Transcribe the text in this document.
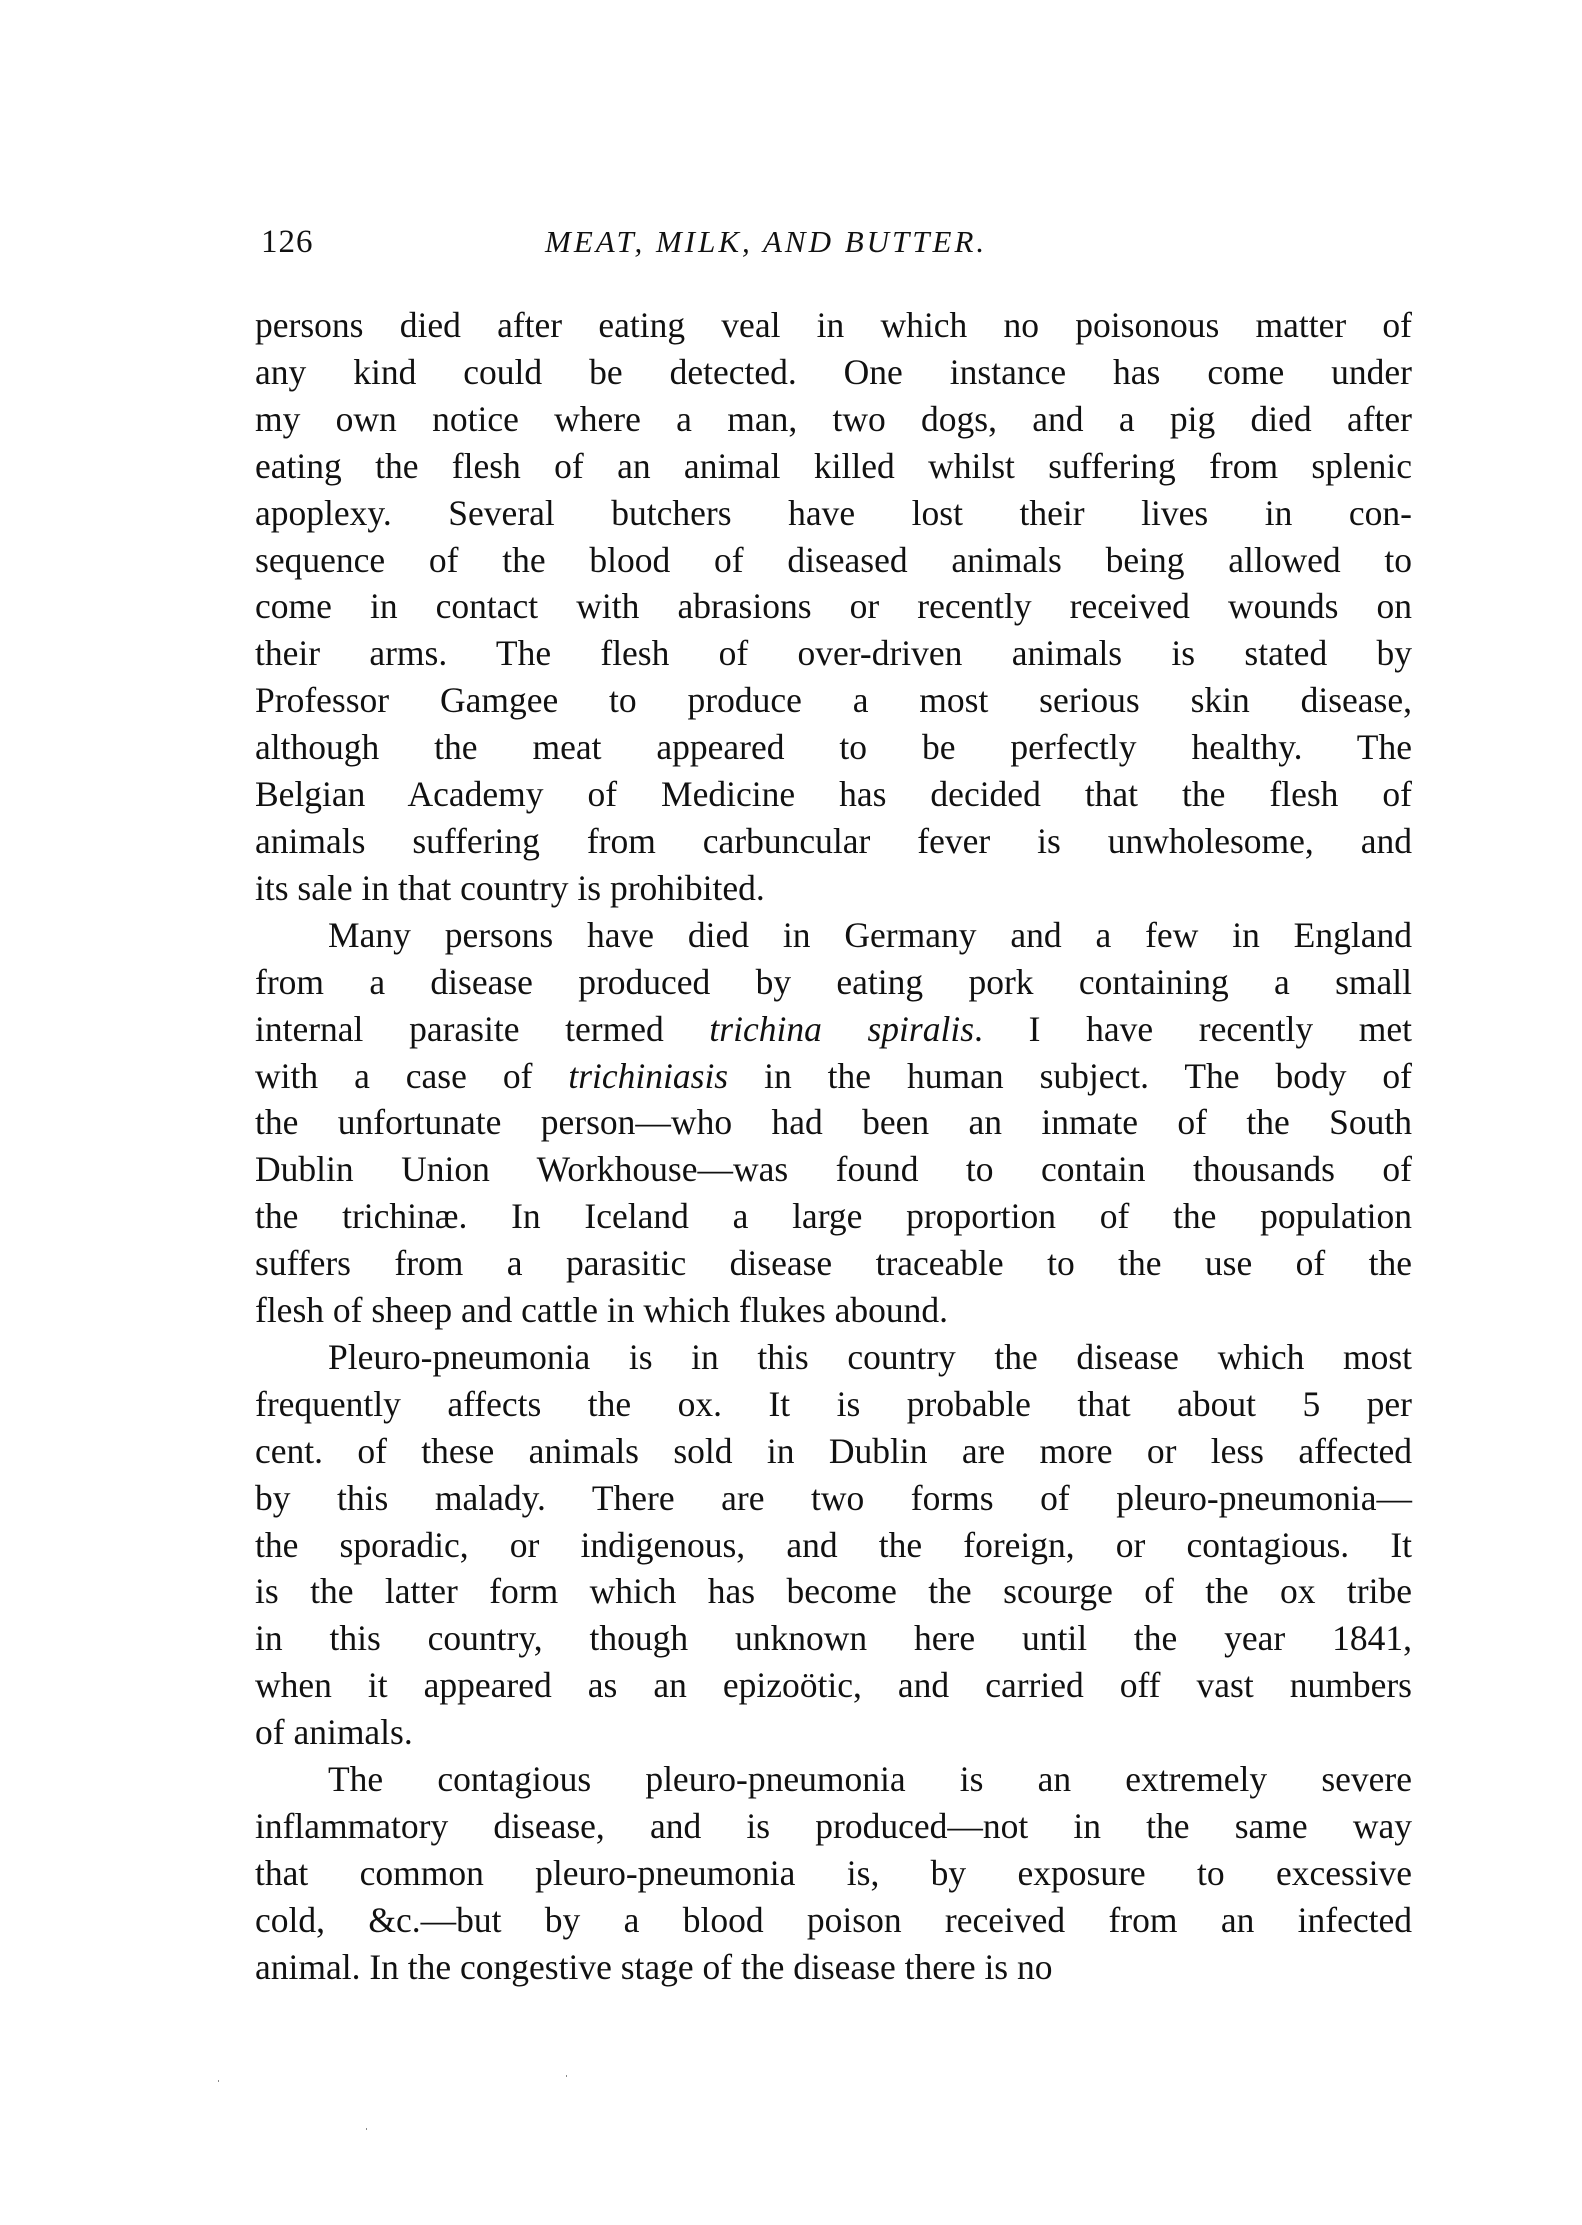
126	MEAT, MILK, AND BUTTER.
persons died after eating veal in which no poisonous matter of
any kind could be detected. One instance has come under
my own notice where a man, two dogs, and a pig died after
eating the flesh of an animal killed whilst suffering from splenic
apoplexy. Several butchers have lost their lives in con-
sequence of the blood of diseased animals being allowed to
come in contact with abrasions or recently received wounds on
their arms. The flesh of over-driven animals is stated by
Professor Gamgee to produce a most serious skin disease,
although the meat appeared to be perfectly healthy. The
Belgian Academy of Medicine has decided that the flesh of
animals suffering from carbuncular fever is unwholesome, and
its sale in that country is prohibited.
Many persons have died in Germany and a few in England
from a disease produced by eating pork containing a small
internal parasite termed trichina spiralis. I have recently met
with a case of trichiniasis in the human subject. The body of
the unfortunate person—who had been an inmate of the South
Dublin Union Workhouse—was found to contain thousands of
the trichinæ. In Iceland a large proportion of the population
suffers from a parasitic disease traceable to the use of the
flesh of sheep and cattle in which flukes abound.
Pleuro-pneumonia is in this country the disease which most
frequently affects the ox. It is probable that about 5 per
cent. of these animals sold in Dublin are more or less affected
by this malady. There are two forms of pleuro-pneumonia—
the sporadic, or indigenous, and the foreign, or contagious. It
is the latter form which has become the scourge of the ox tribe
in this country, though unknown here until the year 1841,
when it appeared as an epizoötic, and carried off vast numbers
of animals.
The contagious pleuro-pneumonia is an extremely severe
inflammatory disease, and is produced—not in the same way
that common pleuro-pneumonia is, by exposure to excessive
cold, &c.—but by a blood poison received from an infected
animal. In the congestive stage of the disease there is no
